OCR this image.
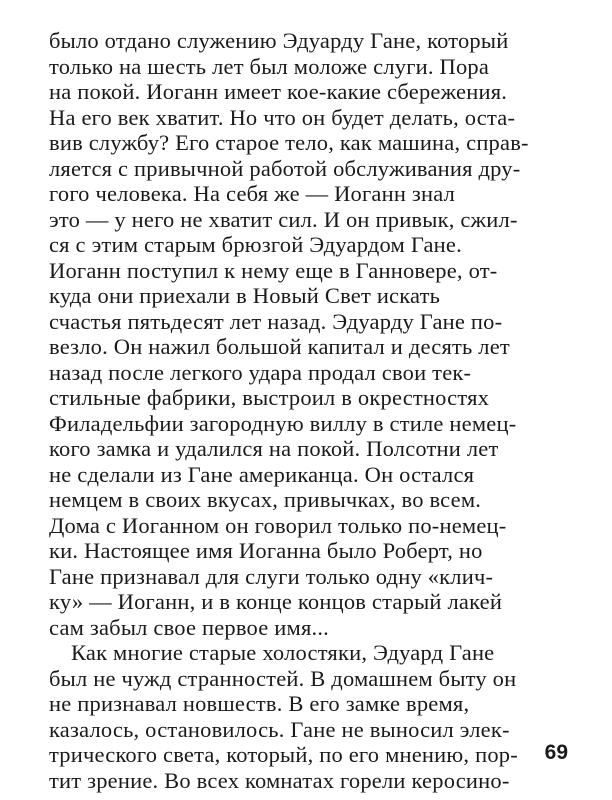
было отдано служению Эдуарду Гане, который
только на шесть лет был моложе слуги. Пора
на покой. Иоганн имеет кое-какие сбережения.
На его век хватит. Но что он будет делать, оста-
вив службу? Его старое тело, как машина, справ-
ляется с привычной работой обслуживания дру-
гого человека. На себя же — Иоганн знал
это — у него не хватит сил. И он привык, сжил-
ся с этим старым брюзгой Эдуардом Гане.
Иоганн поступил к нему еще в Ганновере, от-
куда они приехали в Новый Свет искать
счастья пятьдесят лет назад. Эдуарду Гане по-
везло. Он нажил большой капитал и десять лет
назад после легкого удара продал свои тек-
стильные фабрики, выстроил в окрестностях
Филадельфии загородную виллу в стиле немец-
кого замка и удалился на покой. Полсотни лет
не сделали из Гане американца. Он остался
немцем в своих вкусах, привычках, во всем.
Дома с Иоганном он говорил только по-немец-
ки. Настоящее имя Иоганна было Роберт, но
Гане признавал для слуги только одну «клич-
ку» — Иоганн, и в конце концов старый лакей
сам забыл свое первое имя...
Как многие старые холостяки, Эдуард Гане
был не чужд странностей. В домашнем быту он
не признавал новшеств. В его замке время,
казалось, остановилось. Гане не выносил элек-
трического света, который, по его мнению, пор-
тит зрение. Во всех комнатах горели керосино-
69
